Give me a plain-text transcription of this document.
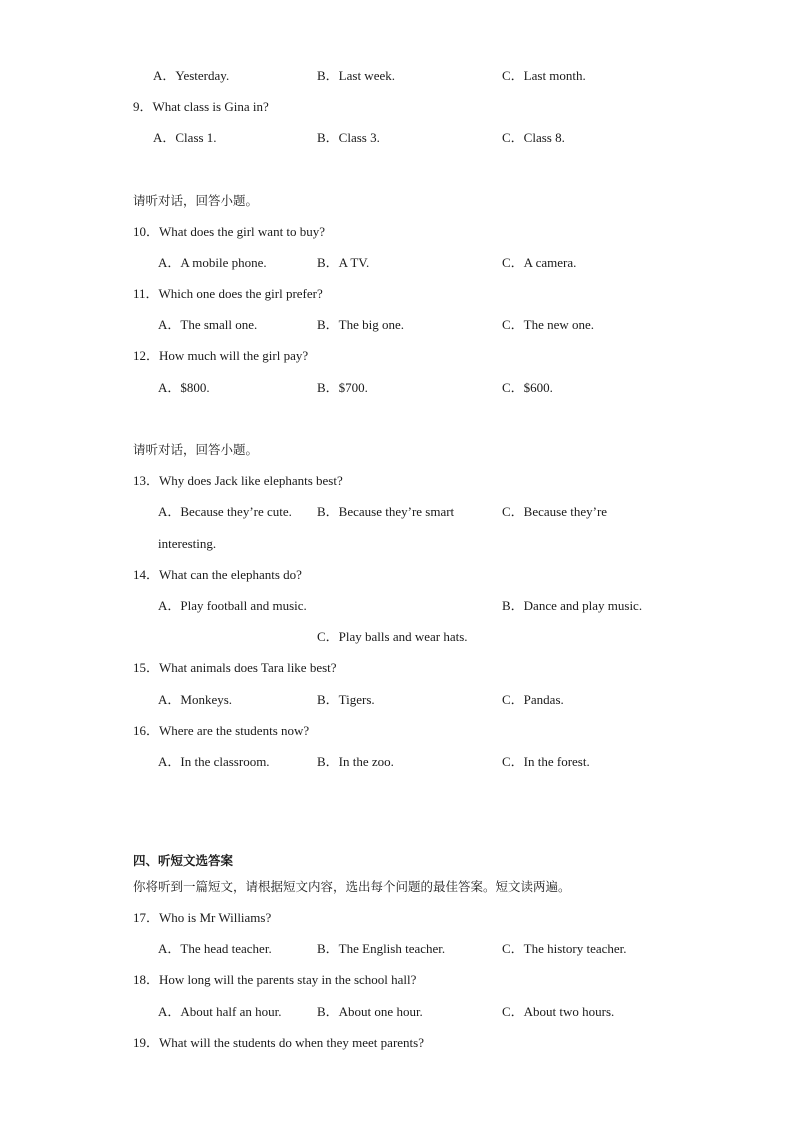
A．Yesterday.	B．Last week.	C．Last month.
9．What class is Gina in?
A．Class 1.	B．Class 3.	C．Class 8.
请听对话，回答小题。
10．What does the girl want to buy?
A．A mobile phone.	B．A TV.	C．A camera.
11．Which one does the girl prefer?
A．The small one.	B．The big one.	C．The new one.
12．How much will the girl pay?
A．$800.	B．$700.	C．$600.
请听对话，回答小题。
13．Why does Jack like elephants best?
A．Because they’re cute. B．Because they’re smart	C．Because they’re
interesting.
14．What can the elephants do?
A．Play football and music.	B．Dance and play music.
C．Play balls and wear hats.
15．What animals does Tara like best?
A．Monkeys.	B．Tigers.	C．Pandas.
16．Where are the students now?
A．In the classroom.	B．In the zoo.	C．In the forest.
四、听短文选答案
你将听到一篇短文，请根据短文内容，选出每个问题的最佳答案。短文读两遍。
17．Who is Mr Williams?
A．The head teacher.	B．The English teacher.	C．The history teacher.
18．How long will the parents stay in the school hall?
A．About half an hour.	B．About one hour.	C．About two hours.
19．What will the students do when they meet parents?
